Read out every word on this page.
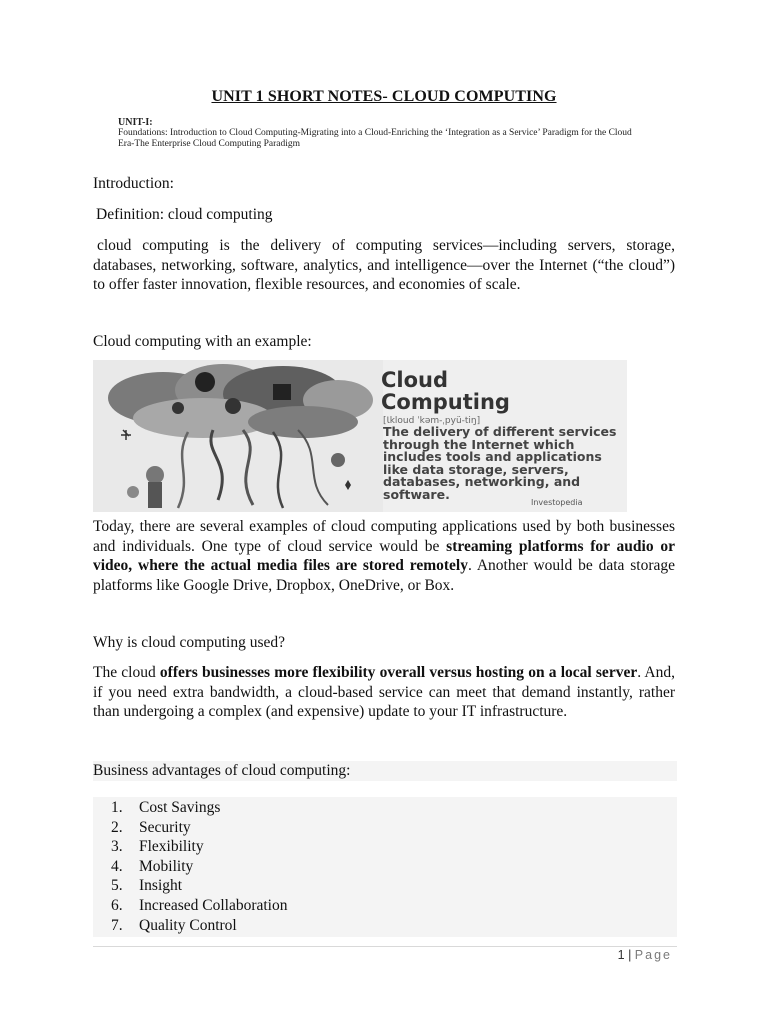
UNIT 1 SHORT NOTES- CLOUD COMPUTING
UNIT-I:
Foundations: Introduction to Cloud Computing-Migrating into a Cloud-Enriching the ‘Integration as a Service’ Paradigm for the Cloud Era-The Enterprise Cloud Computing Paradigm
Introduction:
Definition: cloud computing
cloud computing is the delivery of computing services—including servers, storage, databases, networking, software, analytics, and intelligence—over the Internet (“the cloud”) to offer faster innovation, flexible resources, and economies of scale.
Cloud computing with an example:
Cloud
Computing
[Ɩkloud ˈkəm-ˌpyü-tiŋ]
The delivery of different services through the Internet which includes tools and applications like data storage, servers, databases, networking, and software.
Investopedia
Today, there are several examples of cloud computing applications used by both businesses and individuals. One type of cloud service would be streaming platforms for audio or video, where the actual media files are stored remotely. Another would be data storage platforms like Google Drive, Dropbox, OneDrive, or Box.
Why is cloud computing used?
The cloud offers businesses more flexibility overall versus hosting on a local server. And, if you need extra bandwidth, a cloud-based service can meet that demand instantly, rather than undergoing a complex (and expensive) update to your IT infrastructure.
Business advantages of cloud computing:
1. Cost Savings
2. Security
3. Flexibility
4. Mobility
5. Insight
6. Increased Collaboration
7. Quality Control
1 | Page
